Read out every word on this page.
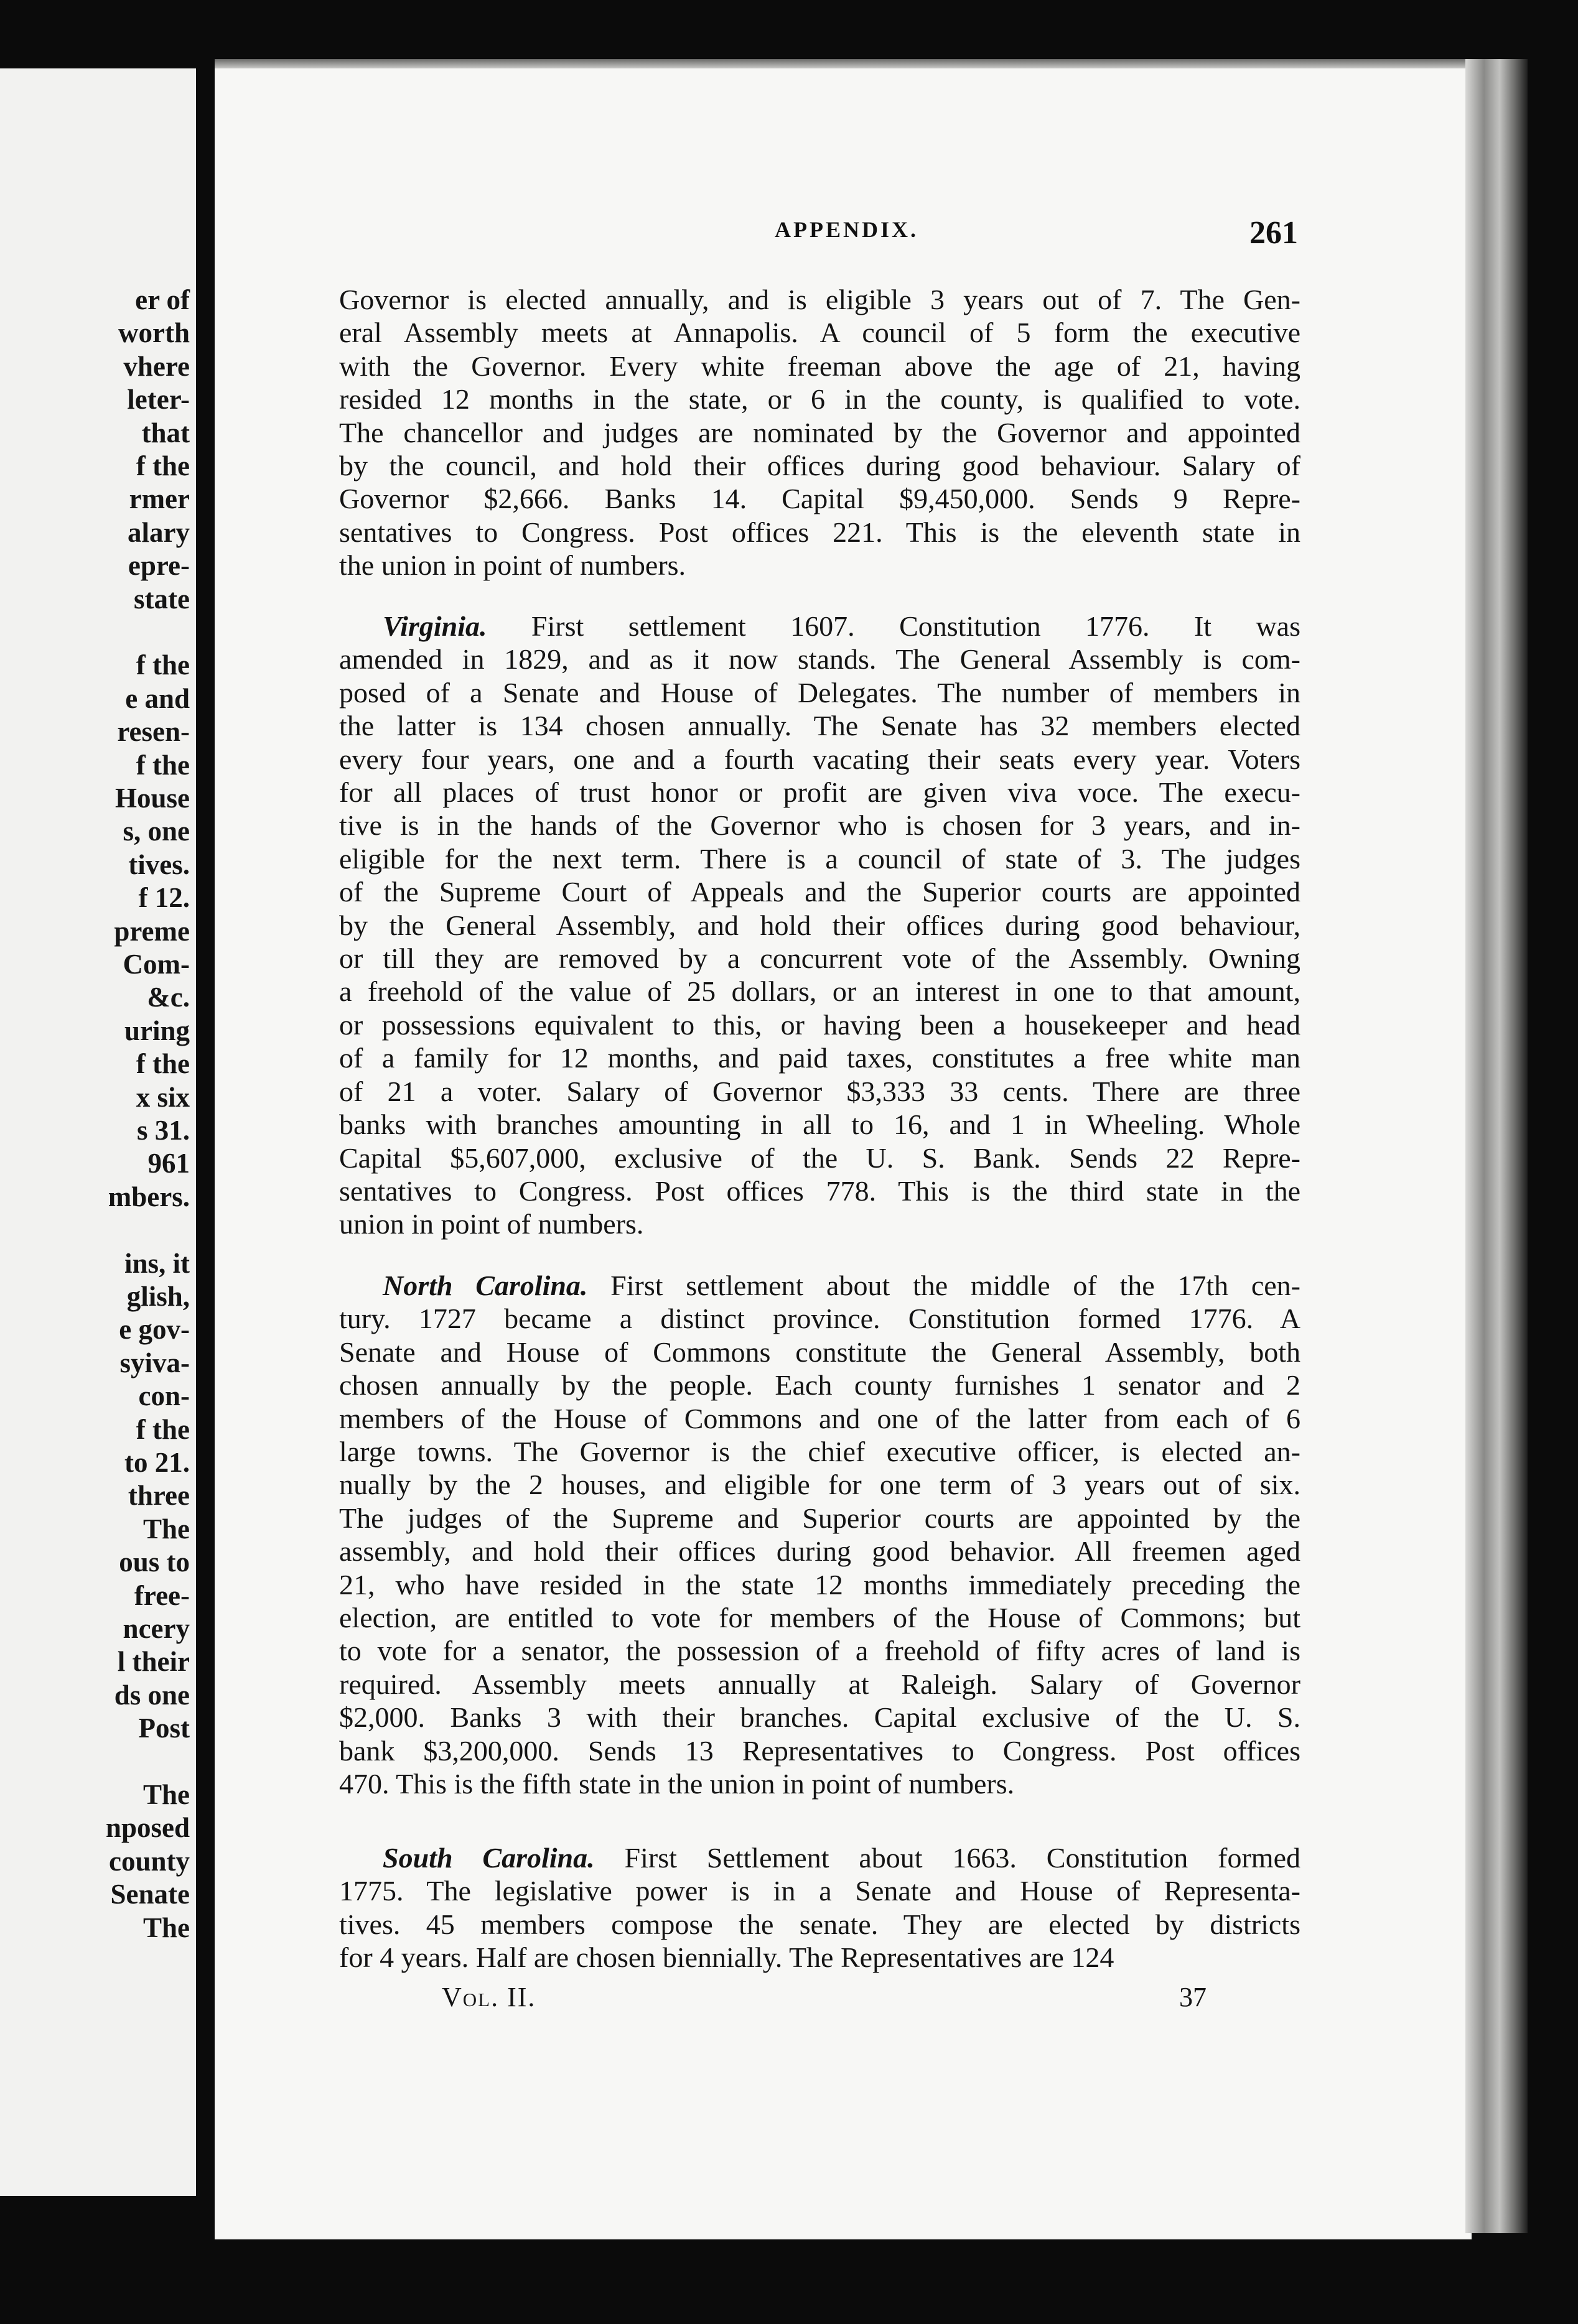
er of
worth
vhere
leter-
that
f the
rmer
alary
epre-
state
f the
e and
resen-
f the
House
s, one
tives.
f 12.
preme
Com-
&c.
uring
f the
x six
s 31.
961
mbers.
ins, it
glish,
e gov-
syiva-
con-
f the
to 21.
three
The
ous to
free-
ncery
l their
ds one
Post
The
nposed
county
Senate
The
APPENDIX.	261
Governor is elected annually, and is eligible 3 years out of 7. The Gen-
eral Assembly meets at Annapolis. A council of 5 form the executive
with the Governor. Every white freeman above the age of 21, having
resided 12 months in the state, or 6 in the county, is qualified to vote.
The chancellor and judges are nominated by the Governor and appointed
by the council, and hold their offices during good behaviour. Salary of
Governor $2,666. Banks 14. Capital $9,450,000. Sends 9 Repre-
sentatives to Congress. Post offices 221. This is the eleventh state in
the union in point of numbers.
Virginia. First settlement 1607. Constitution 1776. It was
amended in 1829, and as it now stands. The General Assembly is com-
posed of a Senate and House of Delegates. The number of members in
the latter is 134 chosen annually. The Senate has 32 members elected
every four years, one and a fourth vacating their seats every year. Voters
for all places of trust honor or profit are given viva voce. The execu-
tive is in the hands of the Governor who is chosen for 3 years, and in-
eligible for the next term. There is a council of state of 3. The judges
of the Supreme Court of Appeals and the Superior courts are appointed
by the General Assembly, and hold their offices during good behaviour,
or till they are removed by a concurrent vote of the Assembly. Owning
a freehold of the value of 25 dollars, or an interest in one to that amount,
or possessions equivalent to this, or having been a housekeeper and head
of a family for 12 months, and paid taxes, constitutes a free white man
of 21 a voter. Salary of Governor $3,333 33 cents. There are three
banks with branches amounting in all to 16, and 1 in Wheeling. Whole
Capital $5,607,000, exclusive of the U. S. Bank. Sends 22 Repre-
sentatives to Congress. Post offices 778. This is the third state in the
union in point of numbers.
North Carolina. First settlement about the middle of the 17th cen-
tury. 1727 became a distinct province. Constitution formed 1776. A
Senate and House of Commons constitute the General Assembly, both
chosen annually by the people. Each county furnishes 1 senator and 2
members of the House of Commons and one of the latter from each of 6
large towns. The Governor is the chief executive officer, is elected an-
nually by the 2 houses, and eligible for one term of 3 years out of six.
The judges of the Supreme and Superior courts are appointed by the
assembly, and hold their offices during good behavior. All freemen aged
21, who have resided in the state 12 months immediately preceding the
election, are entitled to vote for members of the House of Commons; but
to vote for a senator, the possession of a freehold of fifty acres of land is
required. Assembly meets annually at Raleigh. Salary of Governor
$2,000. Banks 3 with their branches. Capital exclusive of the U. S.
bank $3,200,000. Sends 13 Representatives to Congress. Post offices
470. This is the fifth state in the union in point of numbers.
South Carolina. First Settlement about 1663. Constitution formed
1775. The legislative power is in a Senate and House of Representa-
tives. 45 members compose the senate. They are elected by districts
for 4 years. Half are chosen biennially. The Representatives are 124
Vol. II.	37
